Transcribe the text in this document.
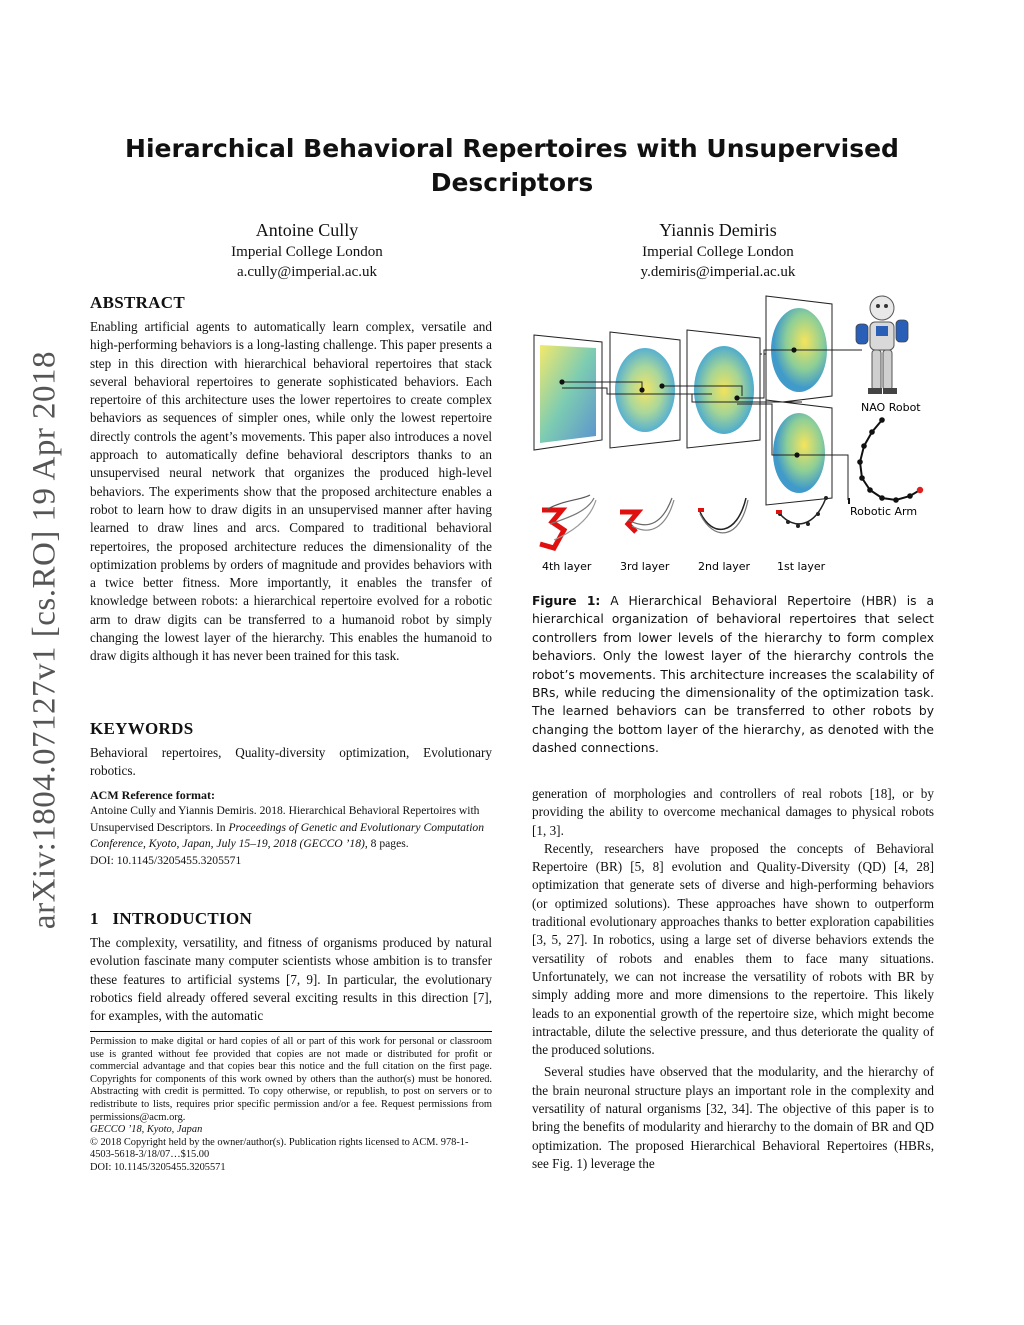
arXiv:1804.07127v1 [cs.RO] 19 Apr 2018
Hierarchical Behavioral Repertoires with Unsupervised Descriptors
Antoine Cully
Imperial College London
a.cully@imperial.ac.uk
Yiannis Demiris
Imperial College London
y.demiris@imperial.ac.uk
ABSTRACT

Enabling artificial agents to automatically learn complex, versatile and high-performing behaviors is a long-lasting challenge. This paper presents a step in this direction with hierarchical behavioral repertoires that stack several behavioral repertoires to generate sophisticated behaviors. Each repertoire of this architecture uses the lower repertoires to create complex behaviors as sequences of simpler ones, while only the lowest repertoire directly controls the agent’s movements. This paper also introduces a novel approach to automatically define behavioral descriptors thanks to an unsupervised neural network that organizes the produced high-level behaviors. The experiments show that the proposed architecture enables a robot to learn how to draw digits in an unsupervised manner after having learned to draw lines and arcs. Compared to traditional behavioral repertoires, the proposed architecture reduces the dimensionality of the optimization problems by orders of magnitude and provides behaviors with a twice better fitness. More importantly, it enables the transfer of knowledge between robots: a hierarchical repertoire evolved for a robotic arm to draw digits can be transferred to a humanoid robot by simply changing the lowest layer of the hierarchy. This enables the humanoid to draw digits although it has never been trained for this task.

KEYWORDS

Behavioral repertoires, Quality-diversity optimization, Evolutionary robotics.

ACM Reference format:

Antoine Cully and Yiannis Demiris. 2018. Hierarchical Behavioral Repertoires with Unsupervised Descriptors. In Proceedings of Genetic and Evolutionary Computation Conference, Kyoto, Japan, July 15–19, 2018 (GECCO ’18), 8 pages.

DOI: 10.1145/3205455.3205571

1 INTRODUCTION

The complexity, versatility, and fitness of organisms produced by natural evolution fascinate many computer scientists whose ambition is to transfer these features to artificial systems [7, 9]. In particular, the evolutionary robotics field already offered several exciting results in this direction [7], for examples, with the automatic

Permission to make digital or hard copies of all or part of this work for personal or classroom use is granted without fee provided that copies are not made or distributed for profit or commercial advantage and that copies bear this notice and the full citation on the first page. Copyrights for components of this work owned by others than the author(s) must be honored. Abstracting with credit is permitted. To copy otherwise, or republish, to post on servers or to redistribute to lists, requires prior specific permission and/or a fee. Request permissions from permissions@acm.org.

GECCO ’18, Kyoto, Japan

© 2018 Copyright held by the owner/author(s). Publication rights licensed to ACM. 978-1-4503-5618-3/18/07…$15.00

DOI: 10.1145/3205455.3205571

NAO Robot
Robotic Arm
4th layer	3rd layer	2nd layer 1st layer

Figure 1: A Hierarchical Behavioral Repertoire (HBR) is a hierarchical organization of behavioral repertoires that select controllers from lower levels of the hierarchy to form complex behaviors. Only the lowest layer of the hierarchy controls the robot’s movements. This architecture increases the scalability of BRs, while reducing the dimensionality of the optimization task. The learned behaviors can be transferred to other robots by changing the bottom layer of the hierarchy, as denoted with the dashed connections.

generation of morphologies and controllers of real robots [18], or by providing the ability to overcome mechanical damages to physical robots [1, 3].

Recently, researchers have proposed the concepts of Behavioral Repertoire (BR) [5, 8] evolution and Quality-Diversity (QD) [4, 28] optimization that generate sets of diverse and high-performing behaviors (or optimized solutions). These approaches have shown to outperform traditional evolutionary approaches thanks to better exploration capabilities [3, 5, 27]. In robotics, using a large set of diverse behaviors extends the versatility of robots and enables them to face many situations. Unfortunately, we can not increase the versatility of robots with BR by simply adding more and more dimensions to the repertoire. This likely leads to an exponential growth of the repertoire size, which might become intractable, dilute the selective pressure, and thus deteriorate the quality of the produced solutions.

Several studies have observed that the modularity, and the hierarchy of the brain neuronal structure plays an important role in the complexity and versatility of natural organisms [32, 34]. The objective of this paper is to bring the benefits of modularity and hierarchy to the domain of BR and QD optimization. The proposed Hierarchical Behavioral Repertoires (HBRs, see Fig. 1) leverage the
